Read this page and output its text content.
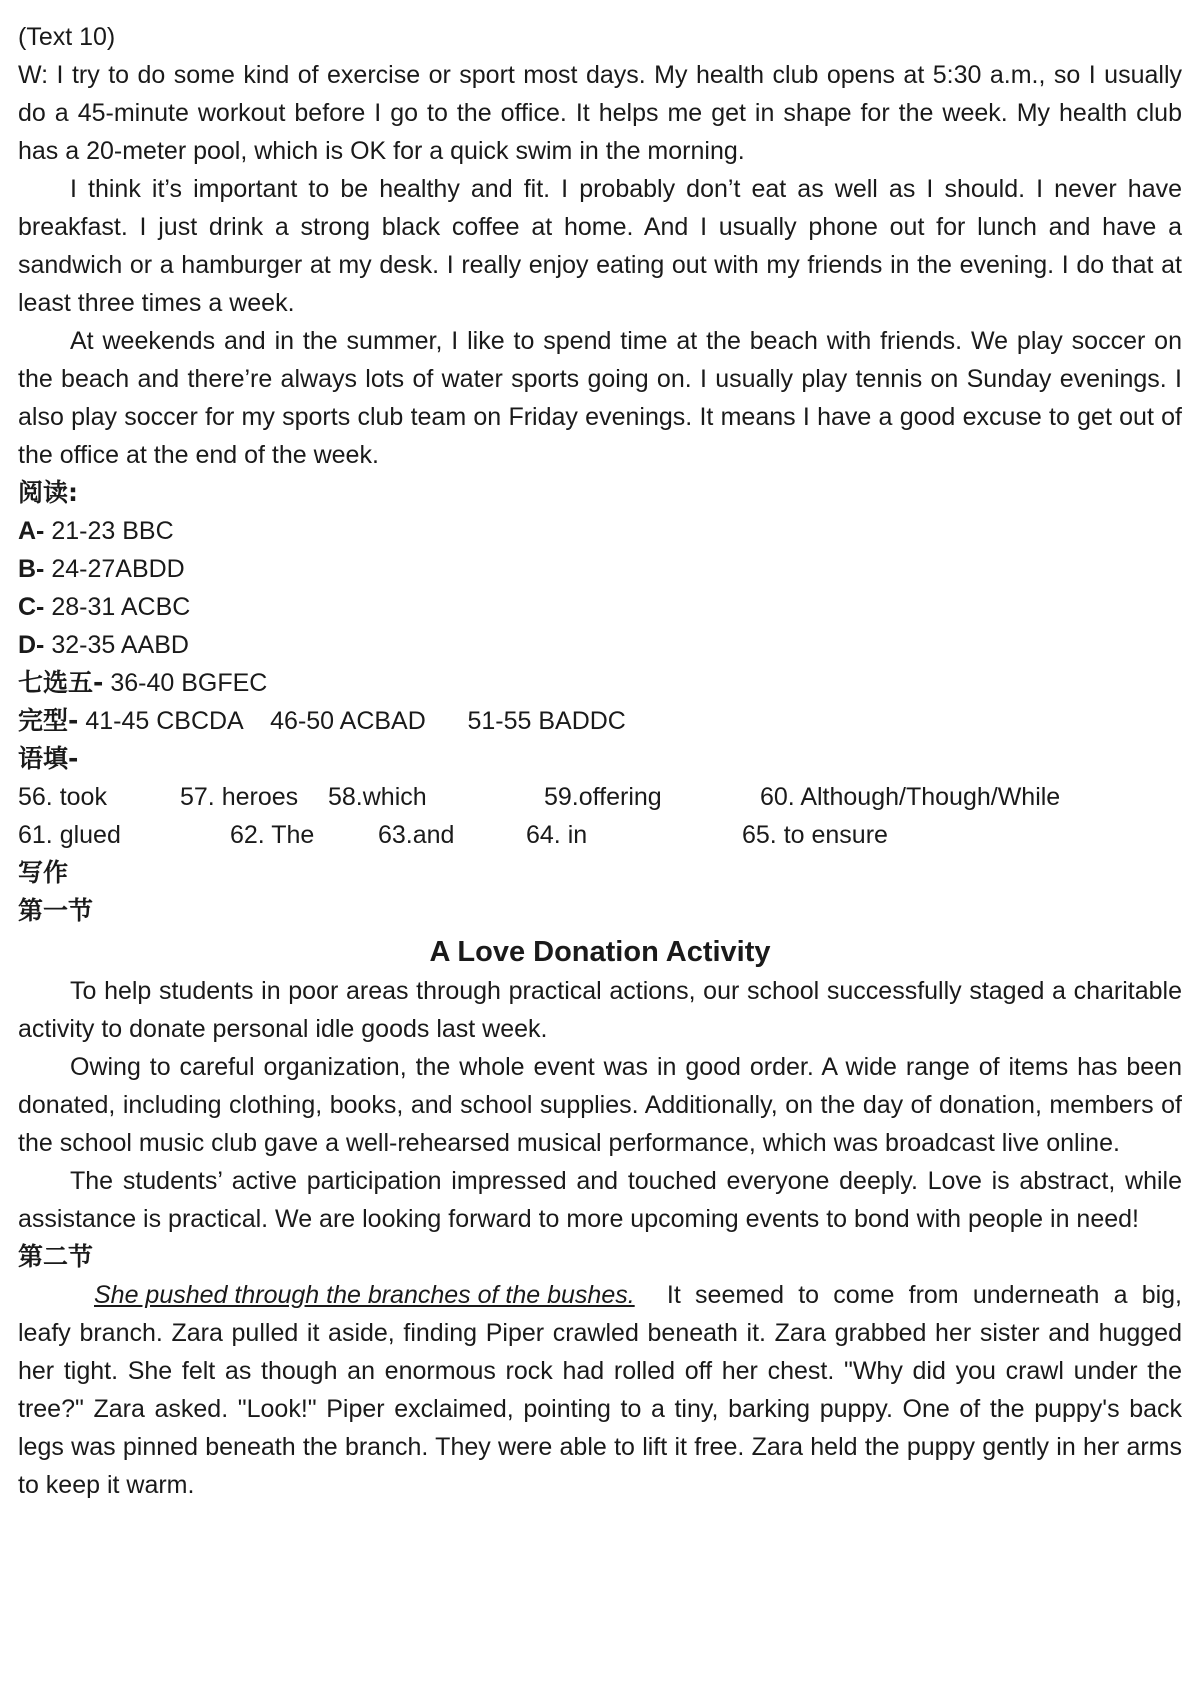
(Text 10)

W: I try to do some kind of exercise or sport most days. My health club opens at 5:30 a.m., so I usually do a 45-minute workout before I go to the office. It helps me get in shape for the week. My health club has a 20-meter pool, which is OK for a quick swim in the morning.

I think it’s important to be healthy and fit. I probably don’t eat as well as I should. I never have breakfast. I just drink a strong black coffee at home. And I usually phone out for lunch and have a sandwich or a hamburger at my desk. I really enjoy eating out with my friends in the evening. I do that at least three times a week.

At weekends and in the summer, I like to spend time at the beach with friends. We play soccer on the beach and there’re always lots of water sports going on. I usually play tennis on Sunday evenings. I also play soccer for my sports club team on Friday evenings. It means I have a good excuse to get out of the office at the end of the week.

阅读:

A- 21-23 BBC

B- 24-27ABDD

C- 28-31 ACBC

D- 32-35 AABD

七选五- 36-40 BGFEC

完型- 41-45 CBCDA    46-50 ACBAD      51-55 BADDC

语填-

56. took	57. heroes	58.which	59.offering	60. Although/Though/While
61. glued	62. The	63.and	64. in	65. to ensure

写作

第一节

A Love Donation Activity

To help students in poor areas through practical actions, our school successfully staged a charitable activity to donate personal idle goods last week.

Owing to careful organization, the whole event was in good order. A wide range of items has been donated, including clothing, books, and school supplies. Additionally, on the day of donation, members of the school music club gave a well-rehearsed musical performance, which was broadcast live online.

The students’ active participation impressed and touched everyone deeply. Love is abstract, while assistance is practical. We are looking forward to more upcoming events to bond with people in need!

第二节

She pushed through the branches of the bushes. It seemed to come from underneath a big, leafy branch. Zara pulled it aside, finding Piper crawled beneath it. Zara grabbed her sister and hugged her tight. She felt as though an enormous rock had rolled off her chest. "Why did you crawl under the tree?" Zara asked. "Look!" Piper exclaimed, pointing to a tiny, barking puppy. One of the puppy's back legs was pinned beneath the branch. They were able to lift it free. Zara held the puppy gently in her arms to keep it warm.
